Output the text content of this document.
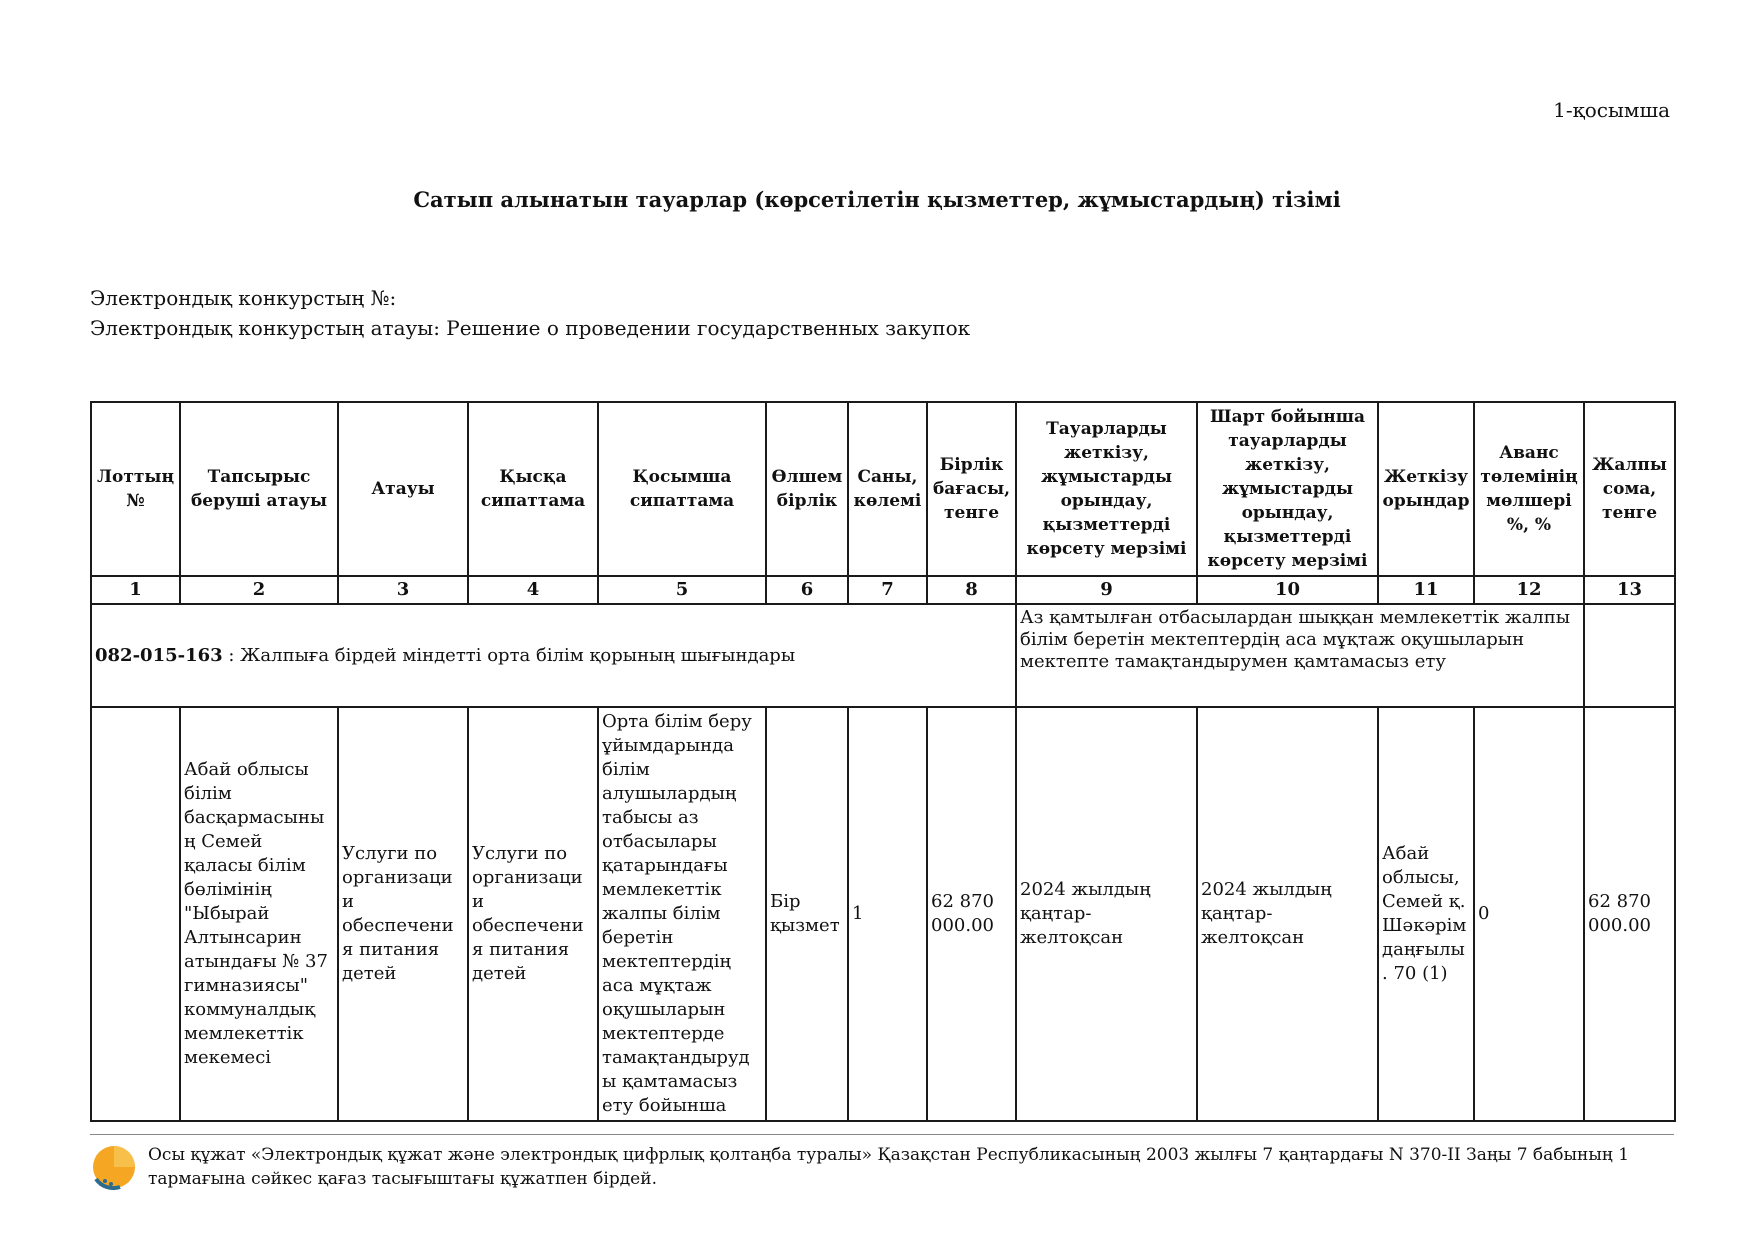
1-қосымша
Сатып алынатын тауарлар (көрсетілетін қызметтер, жұмыстардың) тізімі
Электрондық конкурстың №:
Электрондық конкурстың атауы: Решение о проведении государственных закупок
Лоттың №	Тапсырыс беруші атауы	Атауы	Қысқа сипаттама	Қосымша сипаттама	Өлшем бірлік	Саны, көлемі	Бірлік бағасы, тенге	Тауарларды жеткізу, жұмыстарды орындау, қызметтерді көрсету мерзімі	Шарт бойынша тауарларды жеткізу, жұмыстарды орындау, қызметтерді көрсету мерзімі	Жеткізу орындар	Аванс төлемінің мөлшері %, %	Жалпы сома, тенге
1	2	3	4	5	6	7	8	9	10	11	12	13
082-015-163 : Жалпыға бірдей міндетті орта білім қорының шығындары								Аз қамтылған отбасылардан шыққан мемлекеттік жалпы білім беретін мектептердің аса мұқтаж оқушыларын мектепте тамақтандырумен қамтамасыз ету				
	Абай облысы білім басқармасының Семей қаласы білім бөлімінің "Ыбырай Алтынсарин атындағы № 37 гимназиясы" коммуналдық мемлекеттік мекемесі	Услуги по организации обеспечения питания детей	Услуги по организации обеспечения питания детей	Орта білім беру ұйымдарында білім алушылардың табысы аз отбасылары қатарындағы мемлекеттік жалпы білім беретін мектептердің аса мұқтаж оқушыларын мектептерде тамақтандыруды қамтамасыз ету бойынша	Бір қызмет	1	62 870 000.00	2024 жылдың қаңтар-желтоқсан	2024 жылдың қаңтар-желтоқсан	Абай облысы, Семей қ. Шәкәрім даңғылы. 70 (1)	0	62 870 000.00
Осы құжат «Электрондық құжат және электрондық цифрлық қолтаңба туралы» Қазақстан Республикасының 2003 жылғы 7 қаңтардағы N 370-II Заңы 7 бабының 1 тармағына сәйкес қағаз тасығыштағы құжатпен бірдей.
